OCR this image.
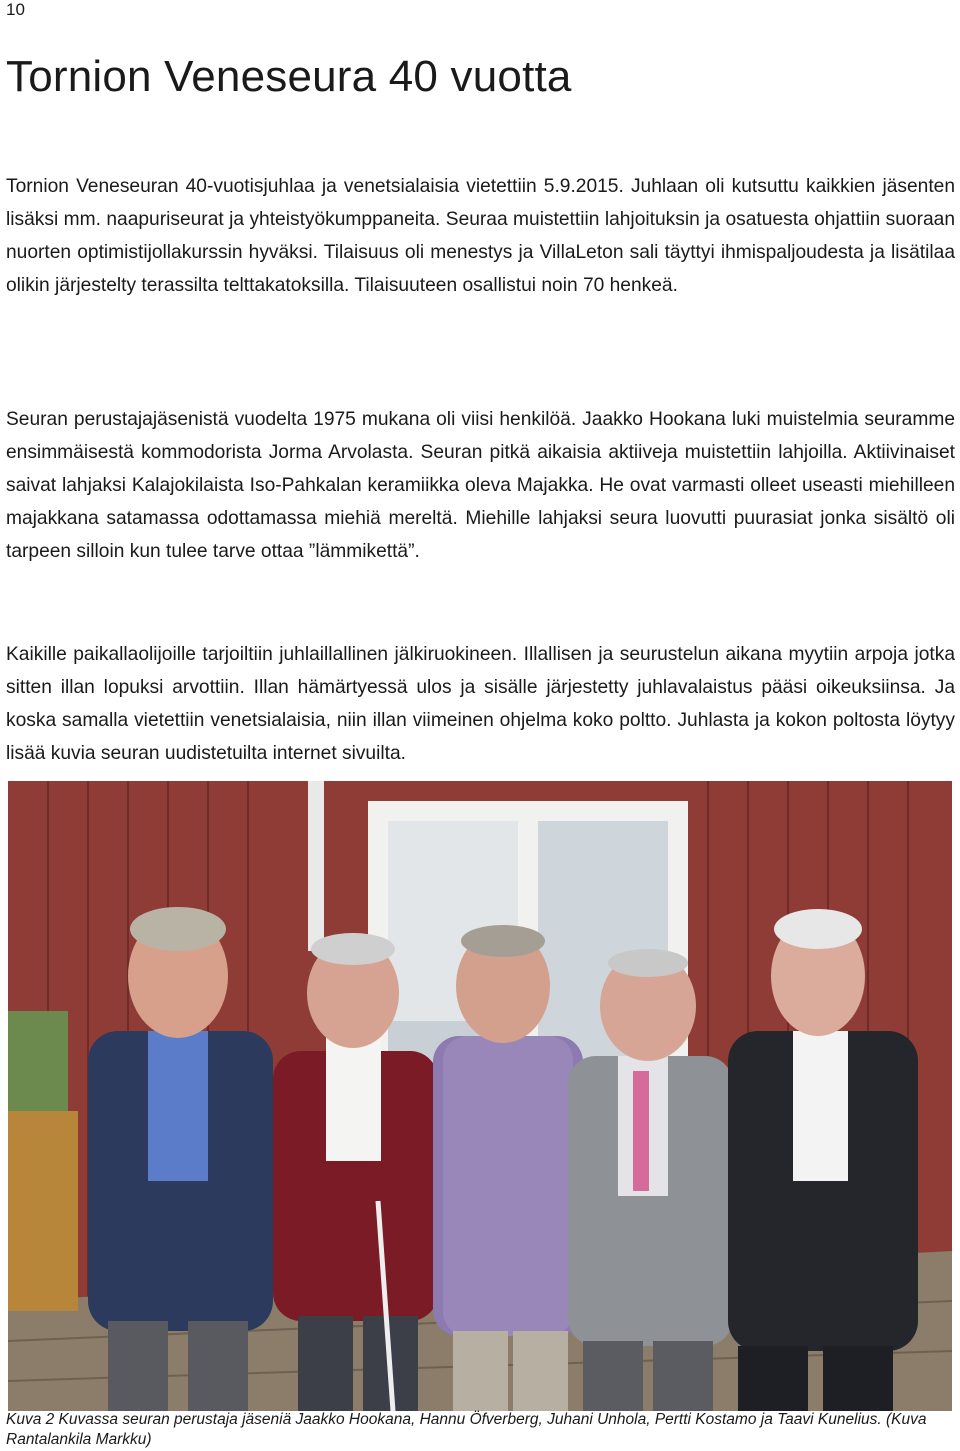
10
Tornion Veneseura 40 vuotta

Tornion Veneseuran 40-vuotisjuhlaa ja venetsialaisia vietettiin 5.9.2015. Juhlaan oli kutsuttu kaikkien jäsenten lisäksi mm. naapuriseurat ja yhteistyökumppaneita. Seuraa muistettiin lahjoituksin ja osatuesta ohjattiin suoraan nuorten optimistijollakurssin hyväksi. Tilaisuus oli menestys ja VillaLeton sali täyttyi ihmispaljoudesta ja lisätilaa olikin järjestelty terassilta telttakatoksilla. Tilaisuuteen osallistui noin 70 henkeä.

Seuran perustajajäsenistä vuodelta 1975 mukana oli viisi henkilöä. Jaakko Hookana luki muistelmia seuramme ensimmäisestä kommodorista Jorma Arvolasta. Seuran pitkä aikaisia aktiiveja muistettiin lahjoilla. Aktiivinaiset saivat lahjaksi Kalajokilaista Iso-Pahkalan keramiikka oleva Majakka. He ovat varmasti olleet useasti miehilleen majakkana satamassa odottamassa miehiä mereltä. Miehille lahjaksi seura luovutti puurasiat jonka sisältö oli tarpeen silloin kun tulee tarve ottaa ”lämmikettä”.

Kaikille paikallaolijoille tarjoiltiin juhlaillallinen jälkiruokineen. Illallisen ja seurustelun aikana myytiin arpoja jotka sitten illan lopuksi arvottiin. Illan hämärtyessä ulos ja sisälle järjestetty juhlavalaistus pääsi oikeuksiinsa. Ja koska samalla vietettiin venetsialaisia, niin illan viimeinen ohjelma koko poltto. Juhlasta ja kokon poltosta löytyy lisää kuvia seuran uudistetuilta internet sivuilta.

Kuva 2 Kuvassa seuran perustaja jäseniä Jaakko Hookana, Hannu Öfverberg, Juhani Unhola, Pertti Kostamo ja Taavi Kunelius. (Kuva Rantalankila Markku)
